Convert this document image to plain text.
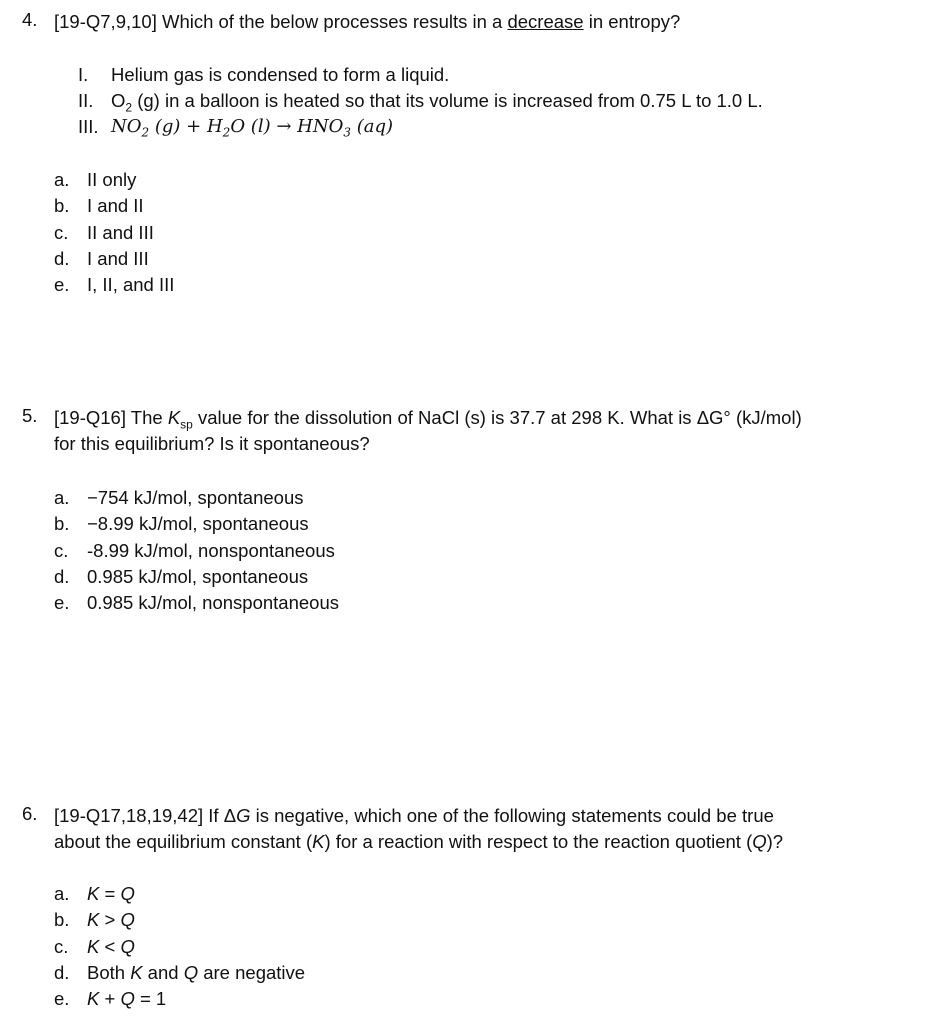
4. [19-Q7,9,10] Which of the below processes results in a decrease in entropy?
I. Helium gas is condensed to form a liquid.
II. $O_2$ (g) in a balloon is heated so that its volume is increased from 0.75 L to 1.0 L.
III. $NO_2$ $(g) + H_2O$ $(l) \to HNO_3$ (aq)
a. II only
b. I and II
c. II and III
d. I and III
e. I, II, and III
5. [19-Q16] The $K_{sp}$ value for the dissolution of NaCl (s) is 37.7 at 298 K. What is ΔG° (kJ/mol)
for this equilibrium? Is it spontaneous?
a. −754 kJ/mol, spontaneous
b. −8.99 kJ/mol, spontaneous
c. -8.99 kJ/mol, nonspontaneous
d. 0.985 kJ/mol, spontaneous
e. 0.985 kJ/mol, nonspontaneous
6. [19-Q17,18,19,42] If ΔG is negative, which one of the following statements could be true
about the equilibrium constant (K) for a reaction with respect to the reaction quotient (Q)?
a. K = Q
b. K > Q
c. K < Q
d. Both K and Q are negative
e. K + Q = 1
